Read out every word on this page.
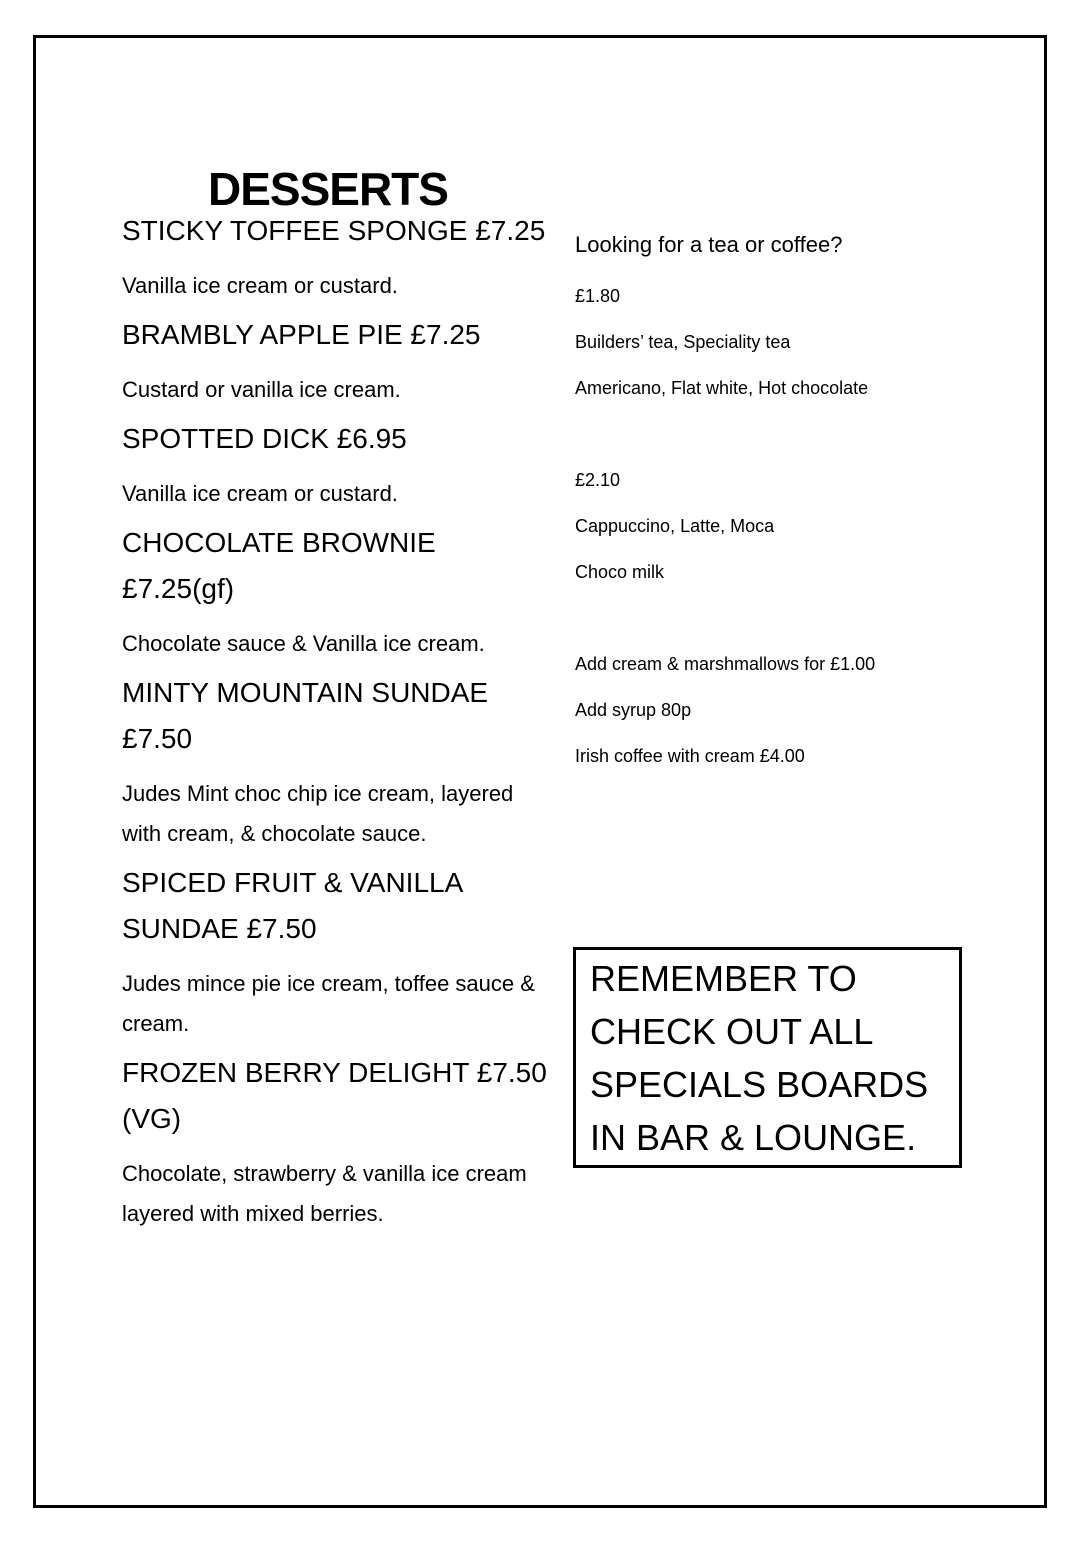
DESSERTS
STICKY TOFFEE SPONGE £7.25
Vanilla ice cream or custard.
BRAMBLY APPLE PIE £7.25
Custard or vanilla ice cream.
SPOTTED DICK £6.95
Vanilla ice cream or custard.
CHOCOLATE BROWNIE £7.25(gf)
Chocolate sauce & Vanilla ice cream.
MINTY MOUNTAIN SUNDAE £7.50
Judes Mint choc chip ice cream, layered with cream, & chocolate sauce.
SPICED FRUIT & VANILLA SUNDAE £7.50
Judes mince pie ice cream, toffee sauce & cream.
FROZEN BERRY DELIGHT £7.50 (VG)
Chocolate, strawberry & vanilla ice cream layered with mixed berries.
Looking for a tea or coffee?
£1.80
Builders’ tea, Speciality tea
Americano, Flat white, Hot chocolate
£2.10
Cappuccino, Latte, Moca
Choco milk
Add cream & marshmallows for £1.00
Add syrup 80p
Irish coffee with cream £4.00
REMEMBER TO
CHECK OUT ALL
SPECIALS BOARDS
IN BAR & LOUNGE.
